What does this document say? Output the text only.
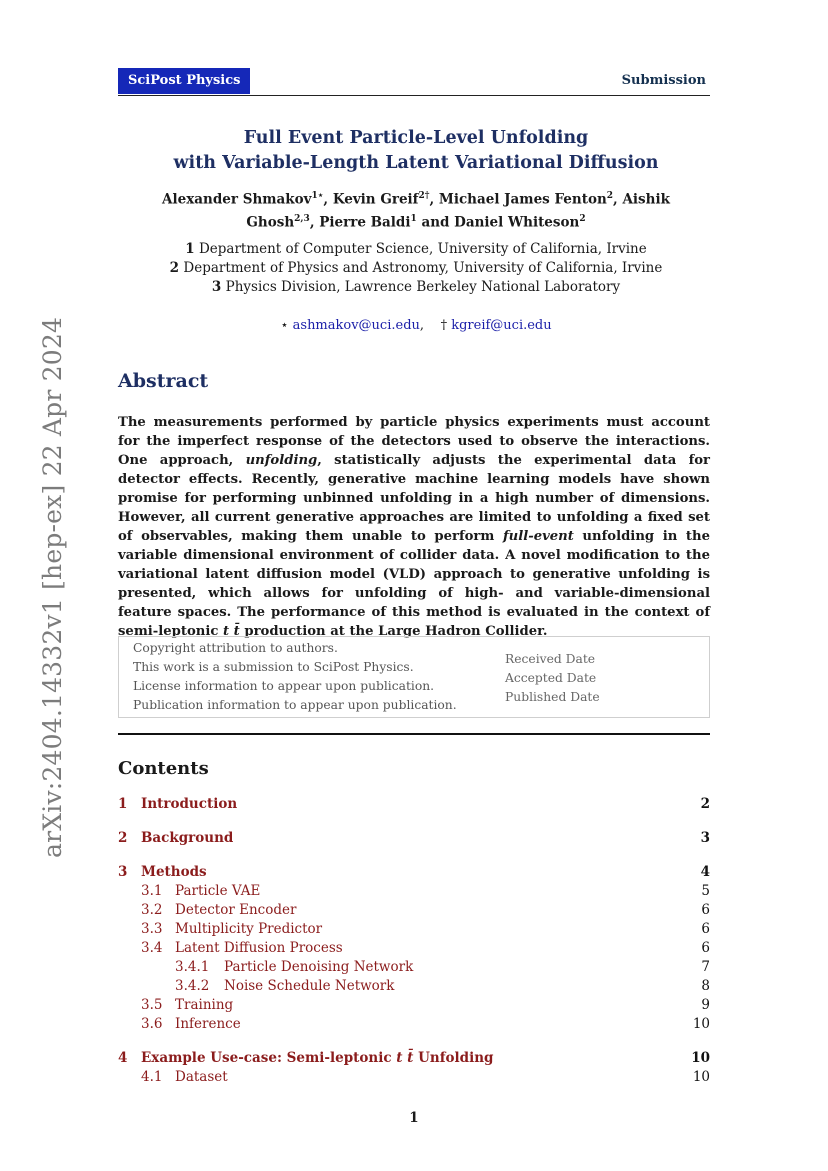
SciPost Physics	Submission
Full Event Particle-Level Unfolding
with Variable-Length Latent Variational Diffusion
Alexander Shmakov$^{1⋆}$, Kevin Greif$^{2\dagger}$, Michael James Fenton$^2$, Aishik Ghosh$^{2,3}$, Pierre Baldi$^1$ and Daniel Whiteson$^2$
1 Department of Computer Science, University of California, Irvine
2 Department of Physics and Astronomy, University of California, Irvine
3 Physics Division, Lawrence Berkeley National Laboratory
⋆ ashmakov@uci.edu,    † kgreif@uci.edu
arXiv:2404.14332v1 [hep-ex] 22 Apr 2024	Abstract
The measurements performed by particle physics experiments must account for the imperfect response of the detectors used to observe the interactions. One approach, unfolding, statistically adjusts the experimental data for detector effects. Recently, generative machine learning models have shown promise for performing unbinned unfolding in a high number of dimensions. However, all current generative approaches are limited to unfolding a fixed set of observables, making them unable to perform full-event unfolding in the variable dimensional environment of collider data. A novel modification to the variational latent diffusion model (VLD) approach to generative unfolding is presented, which allows for unfolding of high- and variable-dimensional feature spaces. The performance of this method is evaluated in the context of semi-leptonic t t̄ production at the Large Hadron Collider.
Copyright attribution to authors.
This work is a submission to SciPost Physics.
License information to appear upon publication.
Publication information to appear upon publication.
Received Date
Accepted Date
Published Date
Contents
1 Introduction	2
2 Background	3
3 Methods	4
3.1 Particle VAE	5
3.2 Detector Encoder	6
3.3 Multiplicity Predictor	6
3.4 Latent Diffusion Process	6
3.4.1 Particle Denoising Network	7
3.4.2 Noise Schedule Network	8
3.5 Training	9
3.6 Inference	10
4 Example Use-case: Semi-leptonic t t̄ Unfolding	10
4.1 Dataset	10
1
